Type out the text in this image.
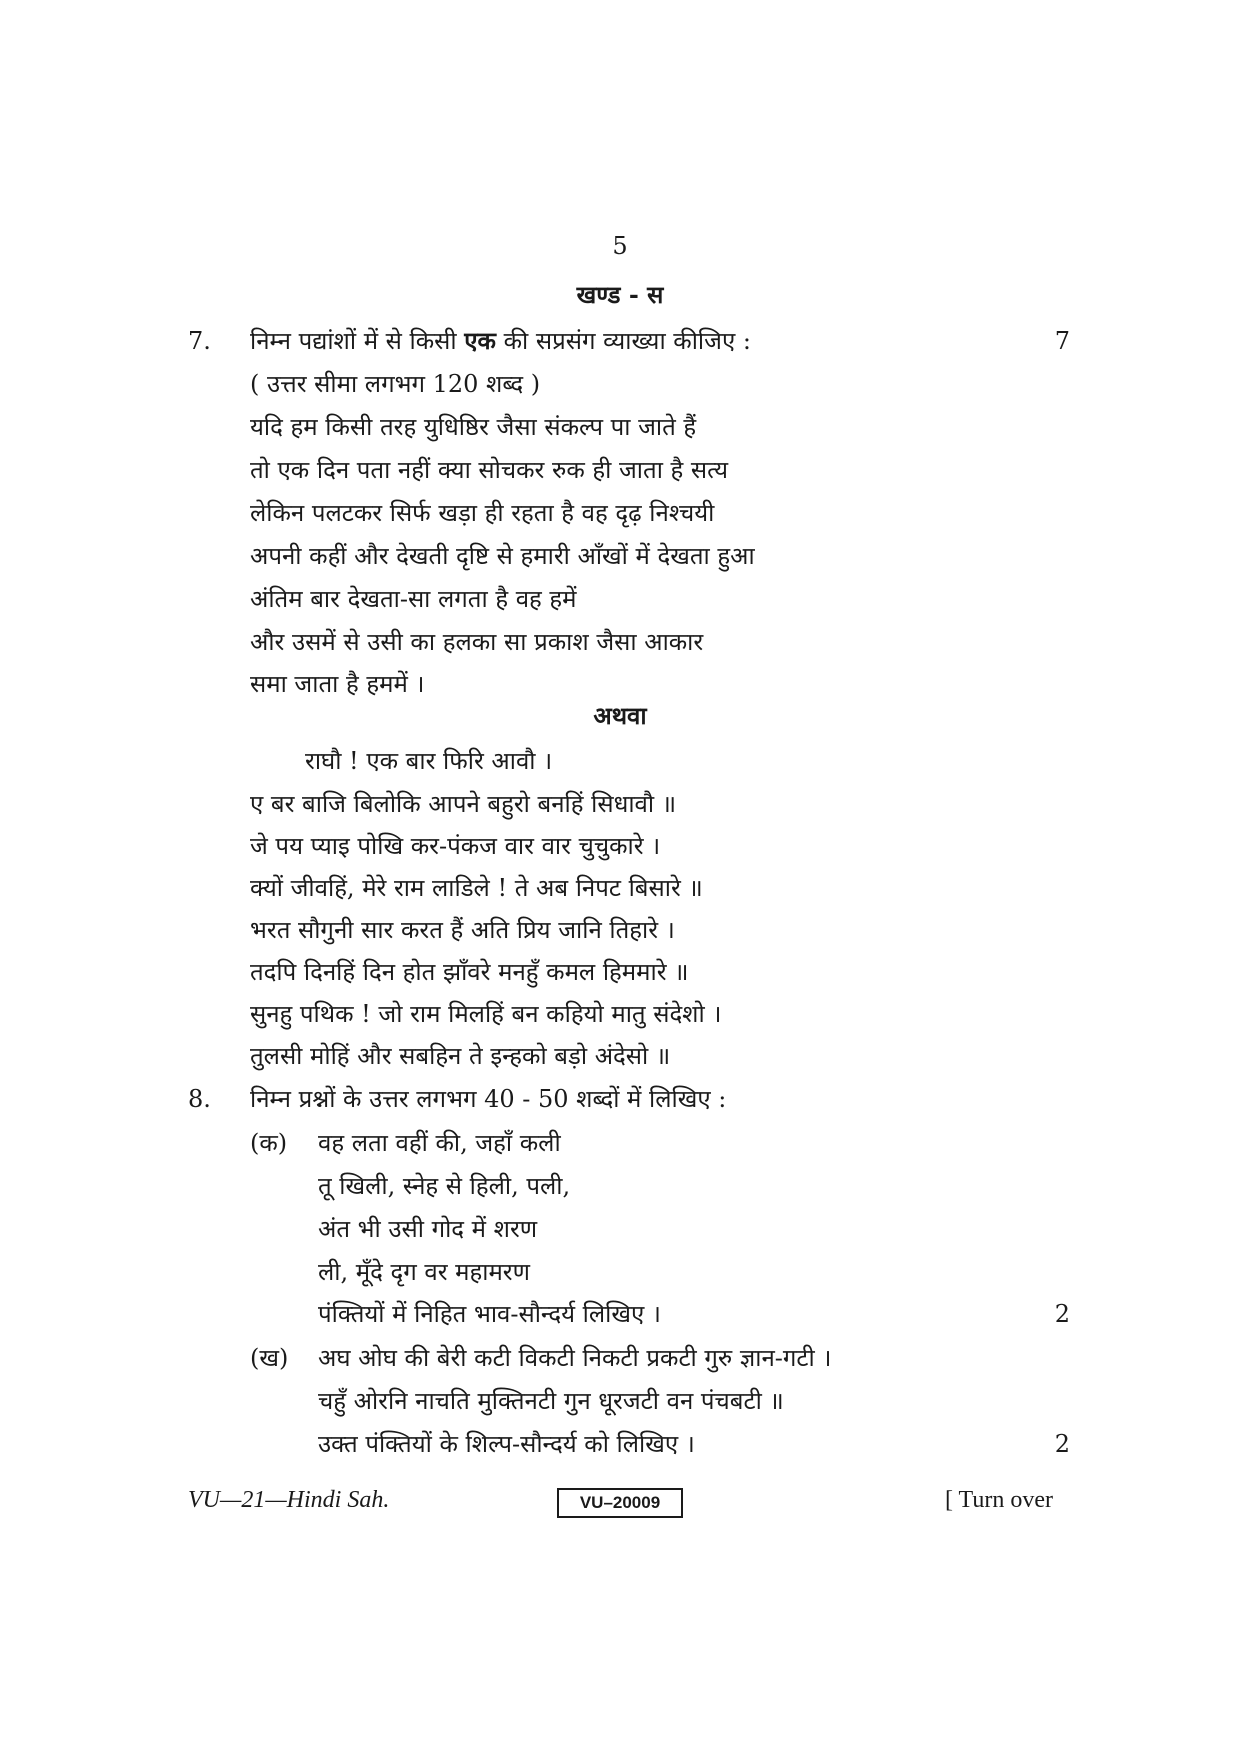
5
खण्ड - स
7. निम्न पद्यांशों में से किसी एक की सप्रसंग व्याख्या कीजिए :	7
( उत्तर सीमा लगभग 120 शब्द )
यदि हम किसी तरह युधिष्ठिर जैसा संकल्प पा जाते हैं
तो एक दिन पता नहीं क्या सोचकर रुक ही जाता है सत्य
लेकिन पलटकर सिर्फ खड़ा ही रहता है वह दृढ़ निश्चयी
अपनी कहीं और देखती दृष्टि से हमारी आँखों में देखता हुआ
अंतिम बार देखता-सा लगता है वह हमें
और उसमें से उसी का हलका सा प्रकाश जैसा आकार
समा जाता है हममें ।
अथवा
राघौ ! एक बार फिरि आवौ ।
ए बर बाजि बिलोकि आपने बहुरो बनहिं सिधावौ ॥
जे पय प्याइ पोखि कर-पंकज वार वार चुचुकारे ।
क्यों जीवहिं, मेरे राम लाडिले ! ते अब निपट बिसारे ॥
भरत सौगुनी सार करत हैं अति प्रिय जानि तिहारे ।
तदपि दिनहिं दिन होत झाँवरे मनहुँ कमल हिममारे ॥
सुनहु पथिक ! जो राम मिलहिं बन कहियो मातु संदेशो ।
तुलसी मोहिं और सबहिन ते इन्हको बड़ो अंदेसो ॥
8. निम्न प्रश्नों के उत्तर लगभग 40 - 50 शब्दों में लिखिए :
(क) वह लता वहीं की, जहाँ कली
तू खिली, स्नेह से हिली, पली,
अंत भी उसी गोद में शरण
ली, मूँदे दृग वर महामरण
पंक्तियों में निहित भाव-सौन्दर्य लिखिए ।	2
(ख) अघ ओघ की बेरी कटी विकटी निकटी प्रकटी गुरु ज्ञान-गटी ।
चहुँ ओरनि नाचति मुक्तिनटी गुन धूरजटी वन पंचबटी ॥
उक्त पंक्तियों के शिल्प-सौन्दर्य को लिखिए ।	2
VU—21—Hindi Sah.	VU–20009	[ Turn over
